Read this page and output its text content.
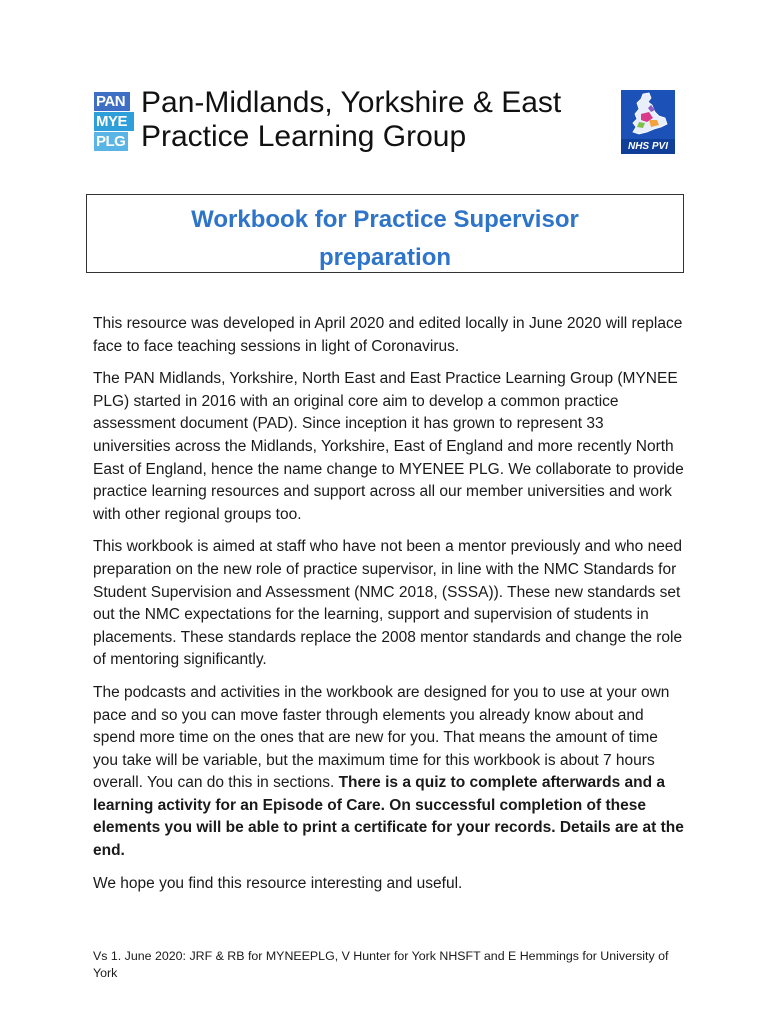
PAN
MYE
PLG
Pan-Midlands, Yorkshire & East
Practice Learning Group	NHS PVI
Workbook for Practice Supervisor
preparation

This resource was developed in April 2020 and edited locally in June 2020 will replace face to face teaching sessions in light of Coronavirus.

The PAN Midlands, Yorkshire, North East and East Practice Learning Group (MYNEE PLG) started in 2016 with an original core aim to develop a common practice assessment document (PAD). Since inception it has grown to represent 33 universities across the Midlands, Yorkshire, East of England and more recently North East of England, hence the name change to MYENEE PLG. We collaborate to provide practice learning resources and support across all our member universities and work with other regional groups too.

This workbook is aimed at staff who have not been a mentor previously and who need preparation on the new role of practice supervisor, in line with the NMC Standards for Student Supervision and Assessment (NMC 2018, (SSSA)). These new standards set out the NMC expectations for the learning, support and supervision of students in placements. These standards replace the 2008 mentor standards and change the role of mentoring significantly.

The podcasts and activities in the workbook are designed for you to use at your own pace and so you can move faster through elements you already know about and spend more time on the ones that are new for you. That means the amount of time you take will be variable, but the maximum time for this workbook is about 7 hours overall. You can do this in sections. There is a quiz to complete afterwards and a learning activity for an Episode of Care. On successful completion of these elements you will be able to print a certificate for your records. Details are at the end.

We hope you find this resource interesting and useful.

Vs 1. June 2020: JRF & RB for MYNEEPLG, V Hunter for York NHSFT and E Hemmings for University of York
